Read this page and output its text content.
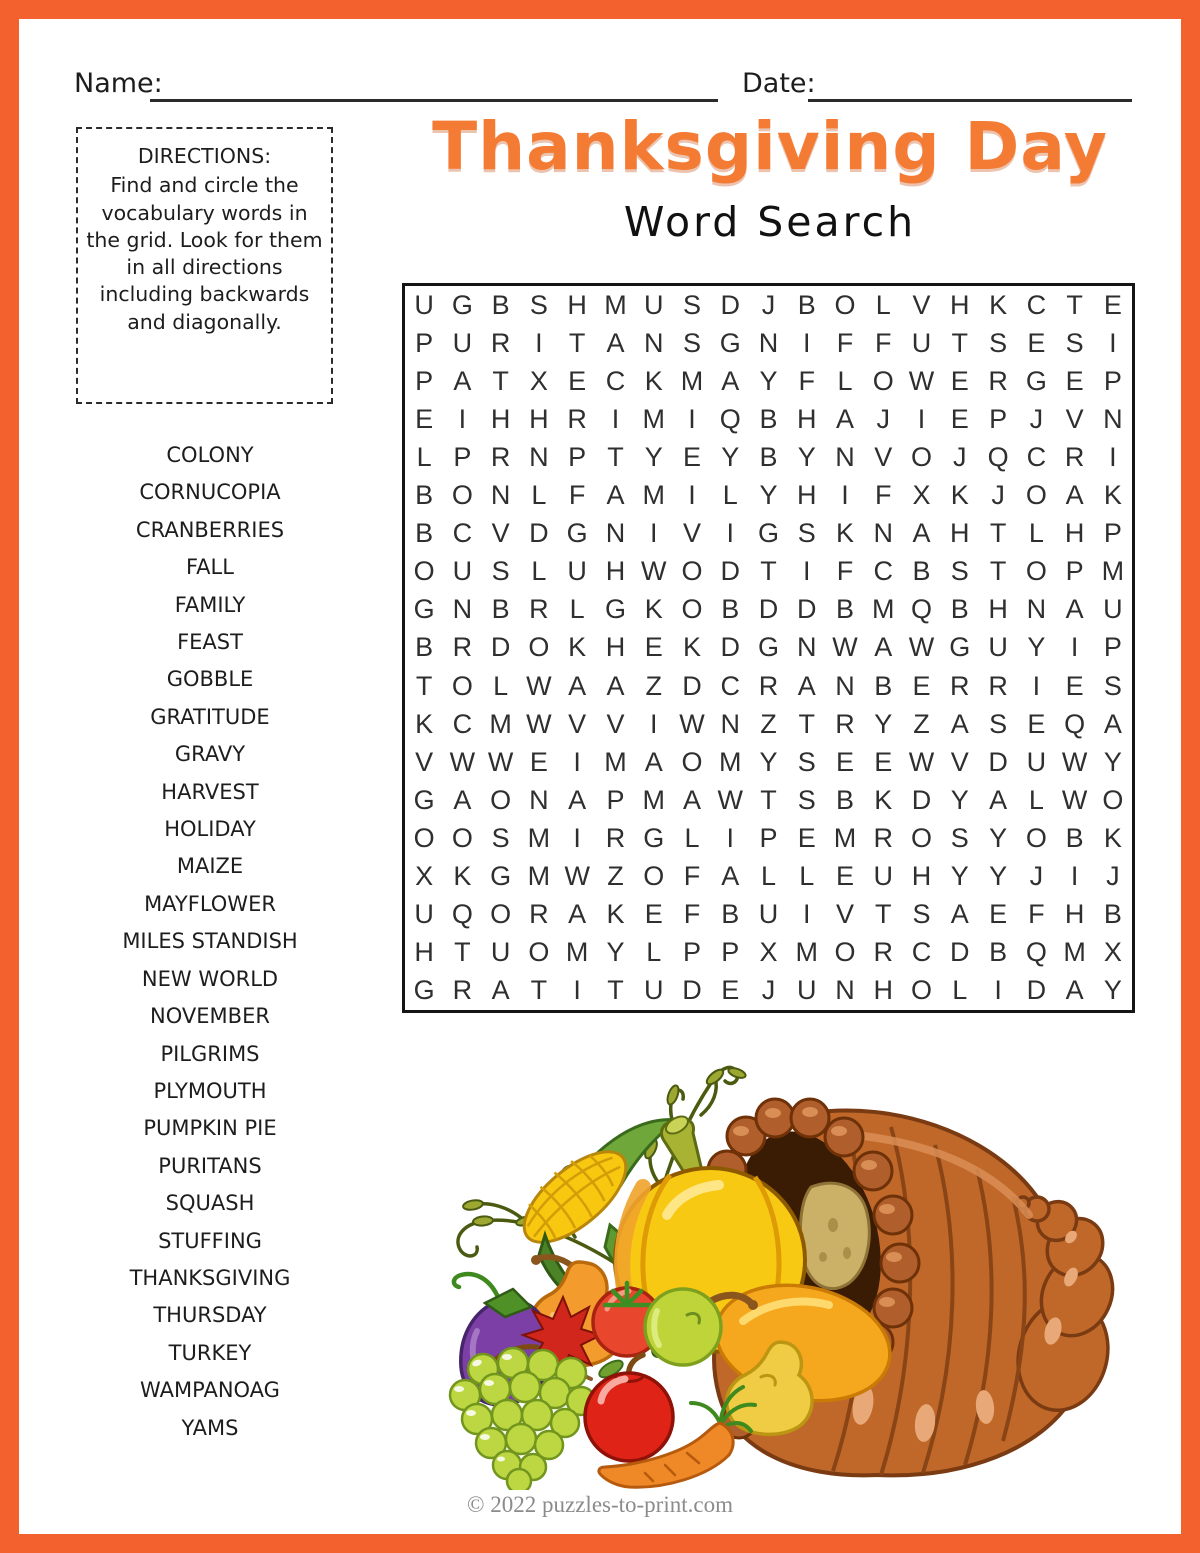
Name:	Date:
Thanksgiving Day
Word Search
DIRECTIONS:
Find and circle the vocabulary words in the grid. Look for them in all directions including backwards and diagonally.
COLONY
CORNUCOPIA
CRANBERRIES
FALL
FAMILY
FEAST
GOBBLE
GRATITUDE
GRAVY
HARVEST
HOLIDAY
MAIZE
MAYFLOWER
MILES STANDISH
NEW WORLD
NOVEMBER
PILGRIMS
PLYMOUTH
PUMPKIN PIE
PURITANS
SQUASH
STUFFING
THANKSGIVING
THURSDAY
TURKEY
WAMPANOAG
YAMS
U G B S H M U S D J B O L V H K C T E
P U R I T A N S G N I F F U T S E S I
P A T X E C K M A Y F L O W E R G E P
E I H H R I M I Q B H A J	I E P J V N
L P R N P T Y E Y B Y N V O J Q C R I
B O N L F A M I L Y H I F X K J O A K
B C V D G N I V I G S K N A H T L H P
O U S L U H W O D T I F C B S T O P M
G N B R L G K O B D D B M Q B H N A U
B R D O K H E K D G N W A W G U Y I P
T O L W A A Z D C R A N B E R R I E S
K C M W V V I W N Z T R Y Z A S E Q A
V W W E I M A O M Y S E E W V D U W Y
G A O N A P M A W T S B K D Y A L W O
O O S M I R G L	I P E M R O S Y O B K
X K G M W Z O F A L L E U H Y Y J	I	J
U Q O R A K E F B U I V T S A E F H B
H T U O M Y L P P X M O R C D B Q M X
G R A T I T U D E J U N H O L	I D A Y
© 2022 puzzles-to-print.com
